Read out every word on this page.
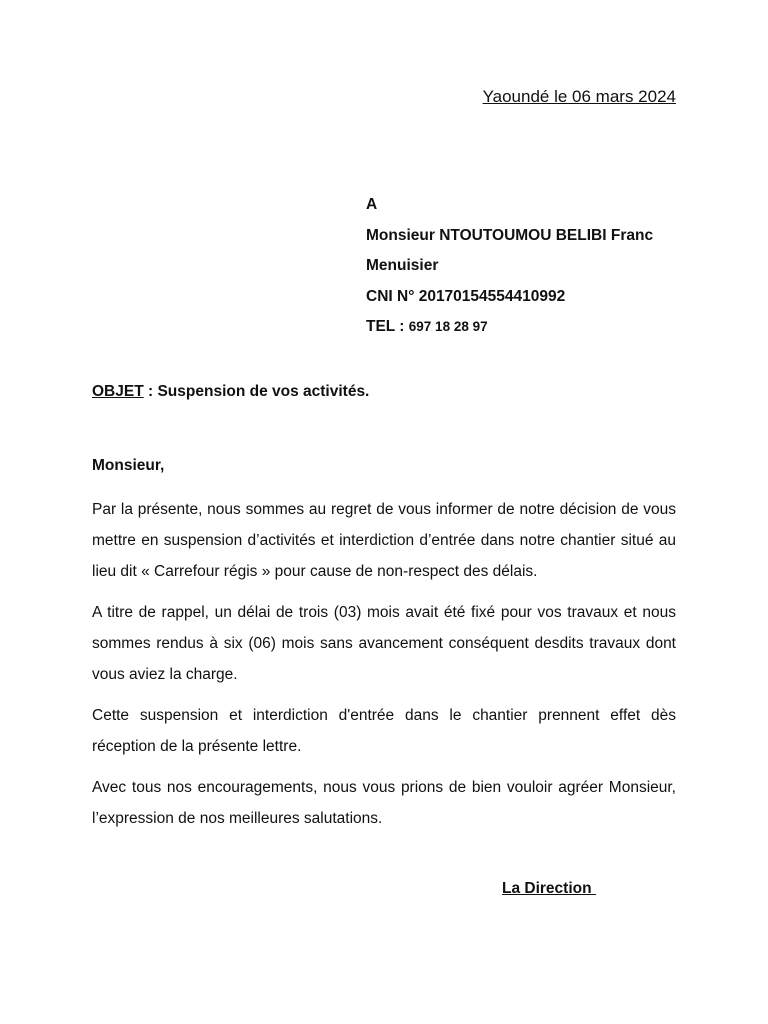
Yaoundé le 06 mars 2024
A
Monsieur NTOUTOUMOU BELIBI Franc
Menuisier
CNI N° 20170154554410992
TEL : 697 18 28 97
OBJET : Suspension de vos activités.
Monsieur,

Par la présente, nous sommes au regret de vous informer de notre décision de vous mettre en suspension d’activités et interdiction d’entrée dans notre chantier situé au lieu dit « Carrefour régis » pour cause de non-respect des délais.

A titre de rappel, un délai de trois (03) mois avait été fixé pour vos travaux et nous sommes rendus à six (06) mois sans avancement conséquent desdits travaux dont vous aviez la charge.

Cette suspension et interdiction d'entrée dans le chantier prennent effet dès réception de la présente lettre.

Avec tous nos encouragements, nous vous prions de bien vouloir agréer Monsieur, l’expression de nos meilleures salutations.

La Direction
